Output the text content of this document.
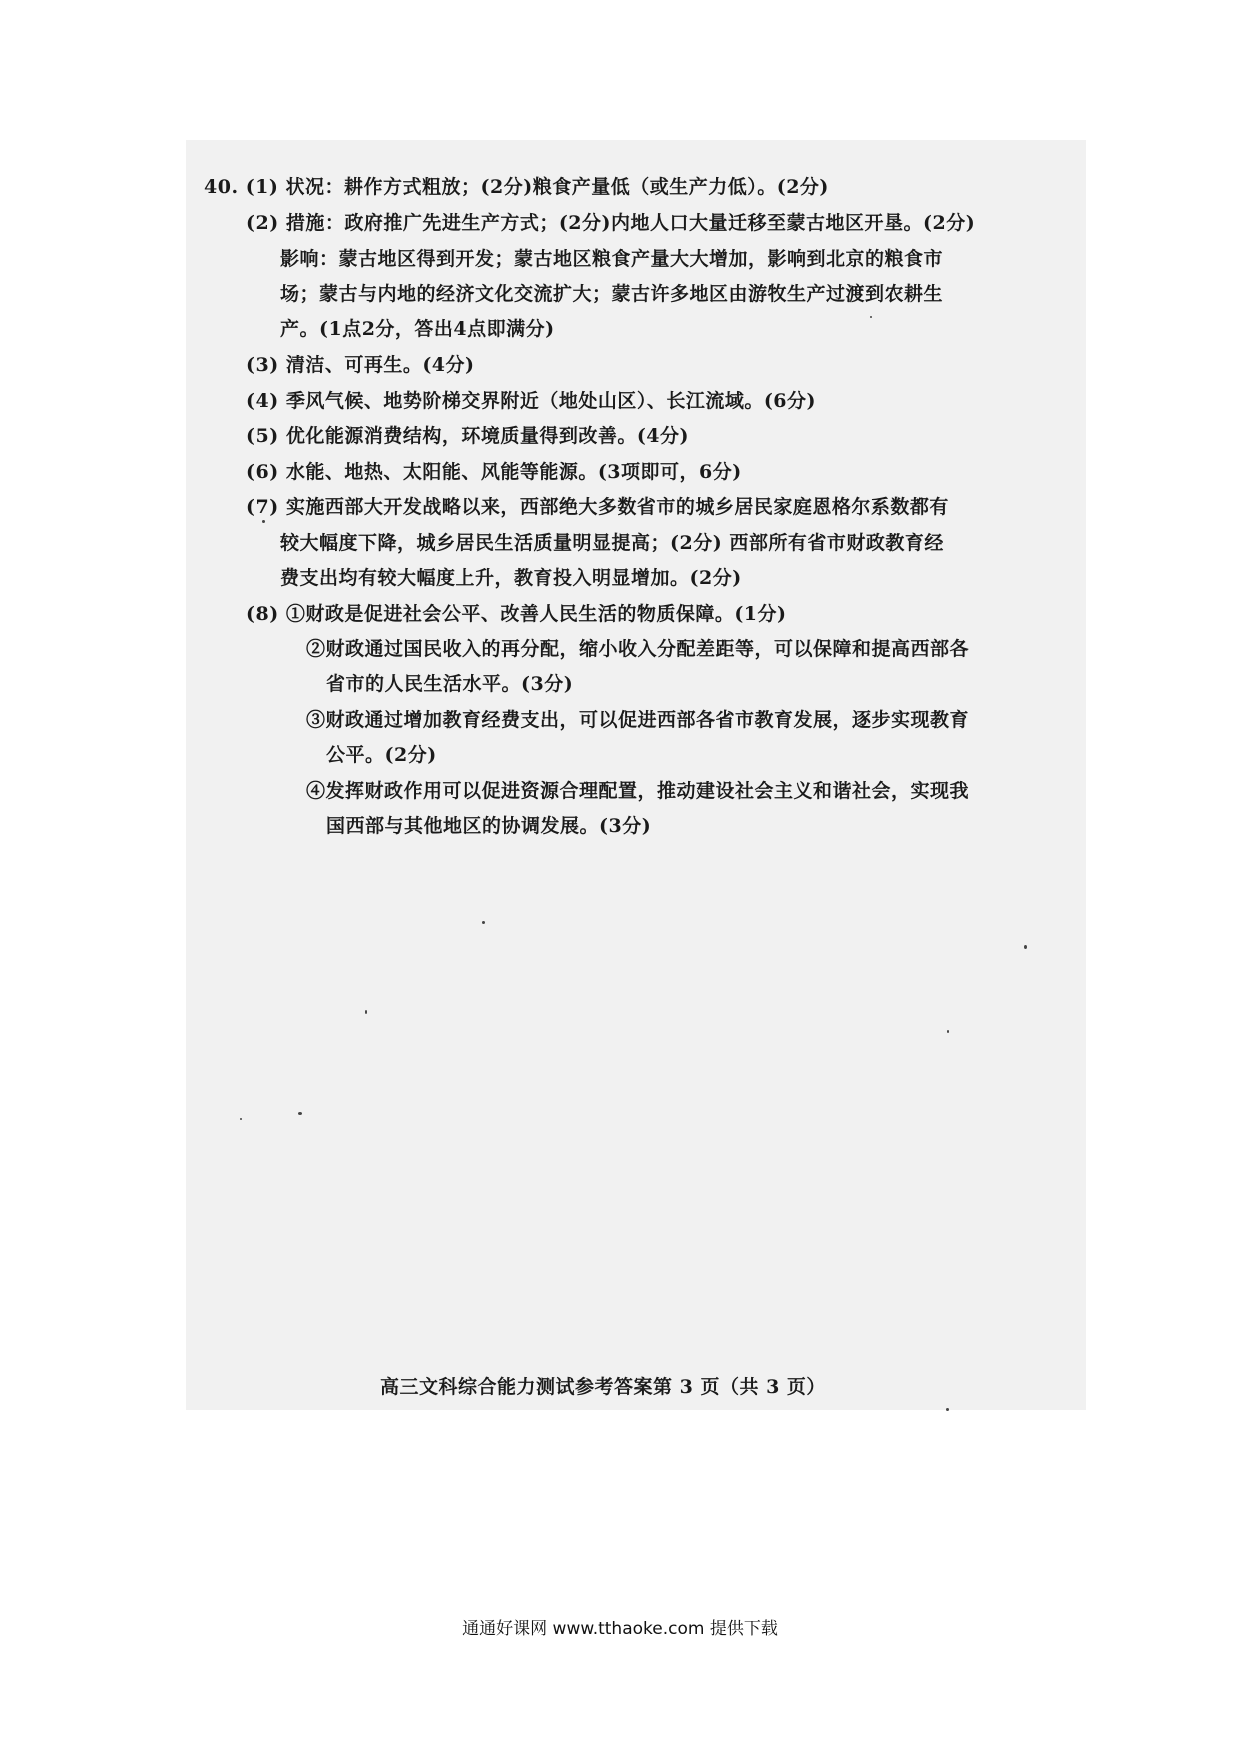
40. (1) 状况：耕作方式粗放；(2分)粮食产量低（或生产力低）。(2分)
(2) 措施：政府推广先进生产方式；(2分)内地人口大量迁移至蒙古地区开垦。(2分)
影响：蒙古地区得到开发；蒙古地区粮食产量大大增加，影响到北京的粮食市
场；蒙古与内地的经济文化交流扩大；蒙古许多地区由游牧生产过渡到农耕生
产。(1点2分，答出4点即满分)
(3) 清洁、可再生。(4分)
(4) 季风气候、地势阶梯交界附近（地处山区）、长江流域。(6分)
(5) 优化能源消费结构，环境质量得到改善。(4分)
(6) 水能、地热、太阳能、风能等能源。(3项即可，6分)
(7) 实施西部大开发战略以来，西部绝大多数省市的城乡居民家庭恩格尔系数都有
较大幅度下降，城乡居民生活质量明显提高；(2分) 西部所有省市财政教育经
费支出均有较大幅度上升，教育投入明显增加。(2分)
(8) ①财政是促进社会公平、改善人民生活的物质保障。(1分)
②财政通过国民收入的再分配，缩小收入分配差距等，可以保障和提高西部各
省市的人民生活水平。(3分)
③财政通过增加教育经费支出，可以促进西部各省市教育发展，逐步实现教育
公平。(2分)
④发挥财政作用可以促进资源合理配置，推动建设社会主义和谐社会，实现我
国西部与其他地区的协调发展。(3分)
高三文科综合能力测试参考答案第 3 页（共 3 页）
通通好课网 www.tthaoke.com 提供下载
